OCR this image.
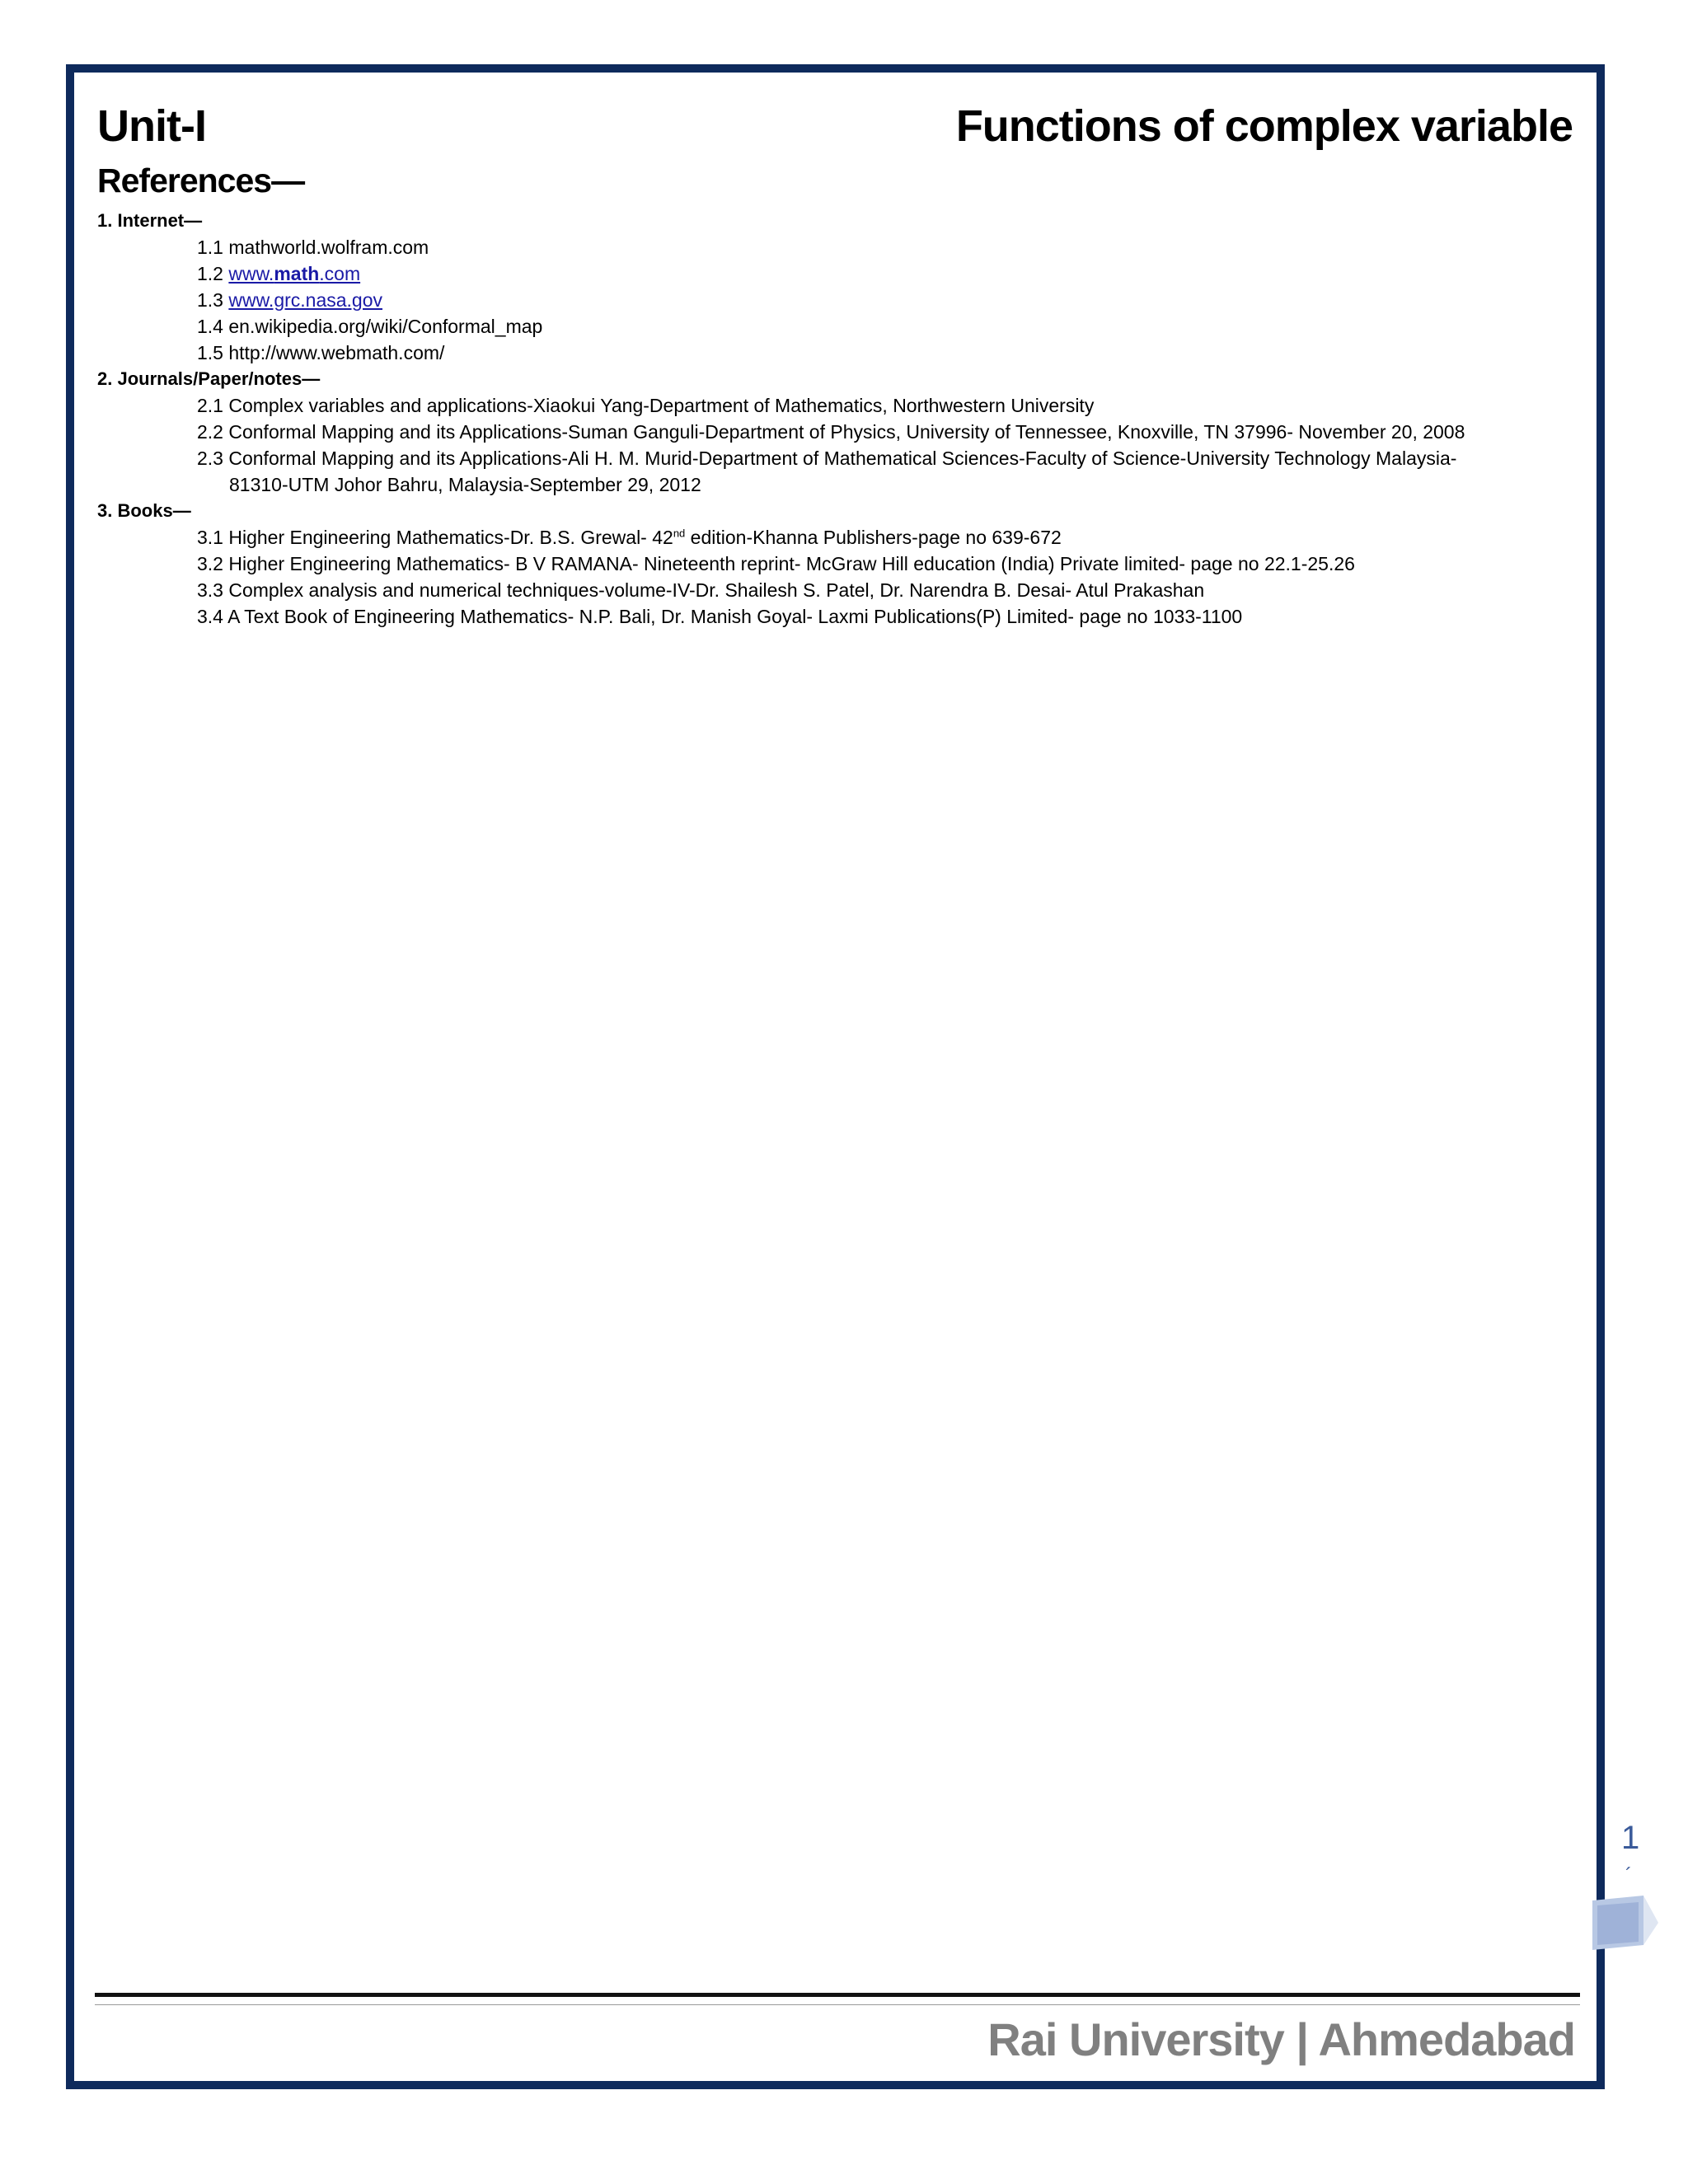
Unit-I	Functions of complex variable
References—
1. Internet—
1.1 mathworld.wolfram.com
1.2 www.math.com
1.3 www.grc.nasa.gov
1.4 en.wikipedia.org/wiki/Conformal_map
1.5 http://www.webmath.com/
2. Journals/Paper/notes—
2.1 Complex variables and applications-Xiaokui Yang-Department of Mathematics, Northwestern University
2.2 Conformal Mapping and its Applications-Suman Ganguli-Department of Physics, University of Tennessee, Knoxville, TN 37996- November 20, 2008
2.3 Conformal Mapping and its Applications-Ali H. M. Murid-Department of Mathematical Sciences-Faculty of Science-University Technology Malaysia-
81310-UTM Johor Bahru, Malaysia-September 29, 2012
3. Books—
3.1 Higher Engineering Mathematics-Dr. B.S. Grewal- 42nd edition-Khanna Publishers-page no 639-672
3.2 Higher Engineering Mathematics- B V RAMANA- Nineteenth reprint- McGraw Hill education (India) Private limited- page no 22.1-25.26
3.3 Complex analysis and numerical techniques-volume-IV-Dr. Shailesh S. Patel, Dr. Narendra B. Desai- Atul Prakashan
3.4 A Text Book of Engineering Mathematics- N.P. Bali, Dr. Manish Goyal- Laxmi Publications(P) Limited- page no 1033-1100
1
´
Rai University | Ahmedabad
